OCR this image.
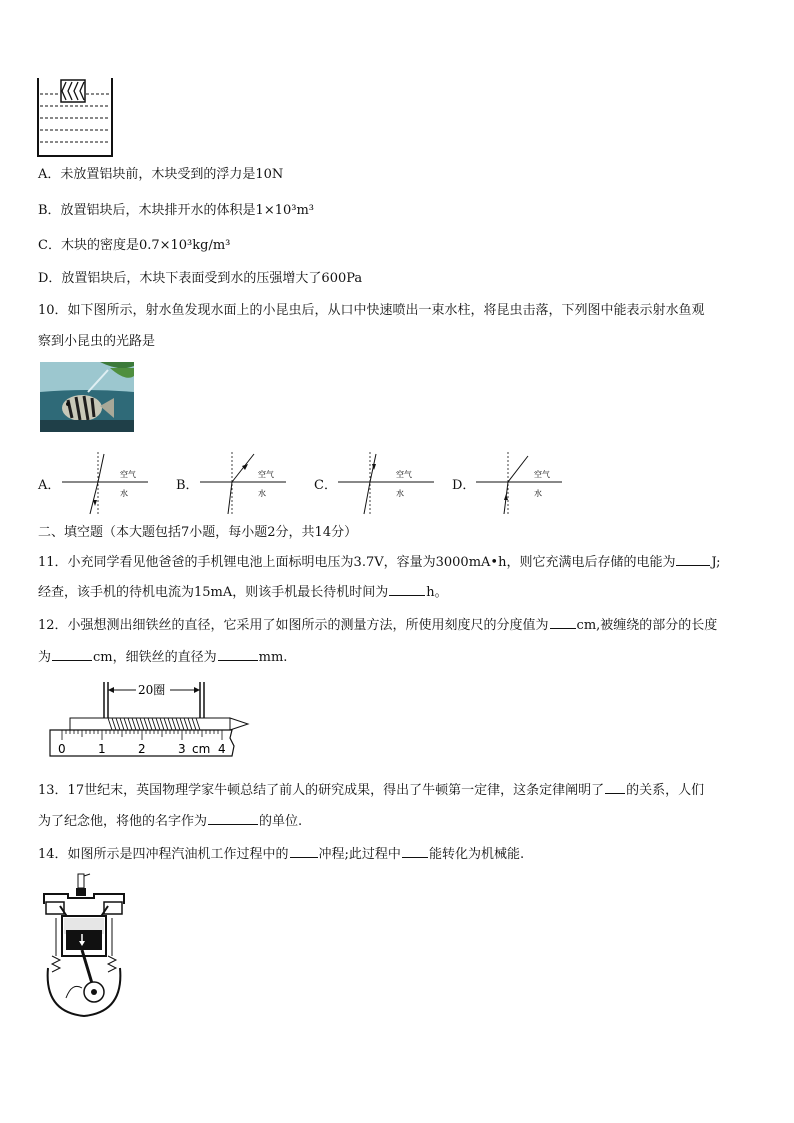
A．未放置铝块前，木块受到的浮力是10N
B．放置铝块后，木块排开水的体积是1×10³m³
C．木块的密度是0.7×10³kg/m³
D．放置铝块后，木块下表面受到水的压强增大了600Pa
10．如下图所示，射水鱼发现水面上的小昆虫后，从口中快速喷出一束水柱，将昆虫击落，下列图中能表示射水鱼观
察到小昆虫的光路是
A．
空气
水
B．
空气
水
C．
空气
水
D．
空气
水
二、填空题（本大题包括7小题，每小题2分，共14分）
11．小充同学看见他爸爸的手机锂电池上面标明电压为3.7V，容量为3000mA•h，则它充满电后存储的电能为	J;
经查，该手机的待机电流为15mA，则该手机最长待机时间为	h。
12．小强想测出细铁丝的直径，它采用了如图所示的测量方法，所使用刻度尺的分度值为 cm,被缠绕的部分的长度
为	cm，细铁丝的直径为	mm.
20圈
0	1	2	3 cm 4
13．17世纪末，英国物理学家牛顿总结了前人的研究成果，得出了牛顿第一定律，这条定律阐明了 的关系，人们
为了纪念他，将他的名字作为	的单位.
14．如图所示是四冲程汽油机工作过程中的 冲程;此过程中 能转化为机械能.
